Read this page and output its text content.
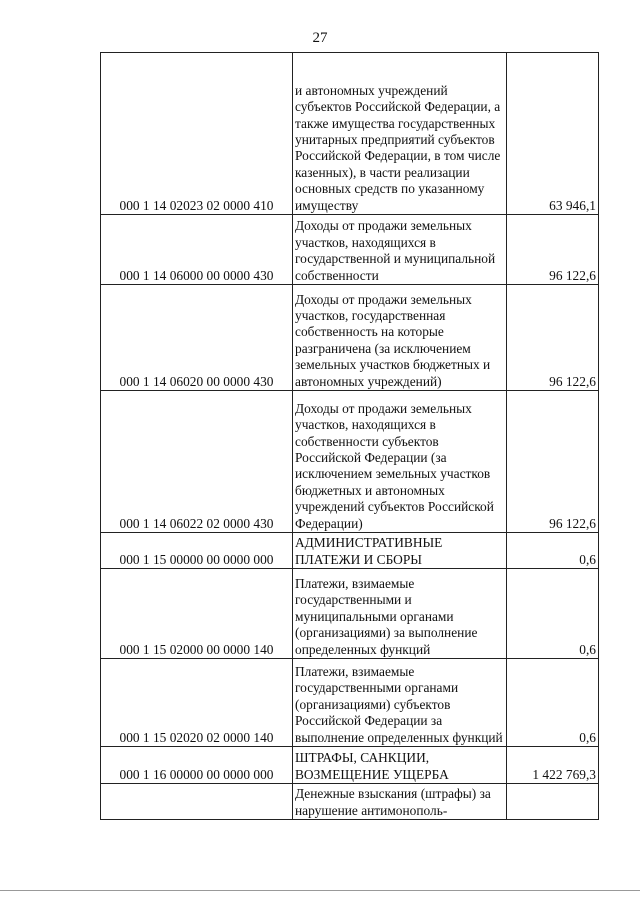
27
000 1 14 02023 02 0000 410	и автономных учреждений субъектов Российской Федерации, а также имущества государственных унитарных предприятий субъектов Российской Федерации, в том числе казенных), в части реализации основных средств по указанному имуществу	63 946,1
000 1 14 06000 00 0000 430	Доходы от продажи земельных участков, находящихся в государственной и муниципальной собственности	96 122,6
000 1 14 06020 00 0000 430	Доходы от продажи земельных участков, государственная собственность на которые разграничена (за исключением земельных участков бюджетных и автономных учреждений)	96 122,6
000 1 14 06022 02 0000 430	Доходы от продажи земельных участков, находящихся в собственности субъектов Российской Федерации (за исключением земельных участков бюджетных и автономных учреждений субъектов Российской Федерации)	96 122,6
000 1 15 00000 00 0000 000	АДМИНИСТРАТИВНЫЕ ПЛАТЕЖИ И СБОРЫ	0,6
000 1 15 02000 00 0000 140	Платежи, взимаемые государственными и муниципальными органами (организациями) за выполнение определенных функций	0,6
000 1 15 02020 02 0000 140	Платежи, взимаемые государственными органами (организациями) субъектов Российской Федерации за выполнение определенных функций	0,6
000 1 16 00000 00 0000 000	ШТРАФЫ, САНКЦИИ, ВОЗМЕЩЕНИЕ УЩЕРБА	1 422 769,3
	Денежные взыскания (штрафы) за нарушение антимонополь-	
